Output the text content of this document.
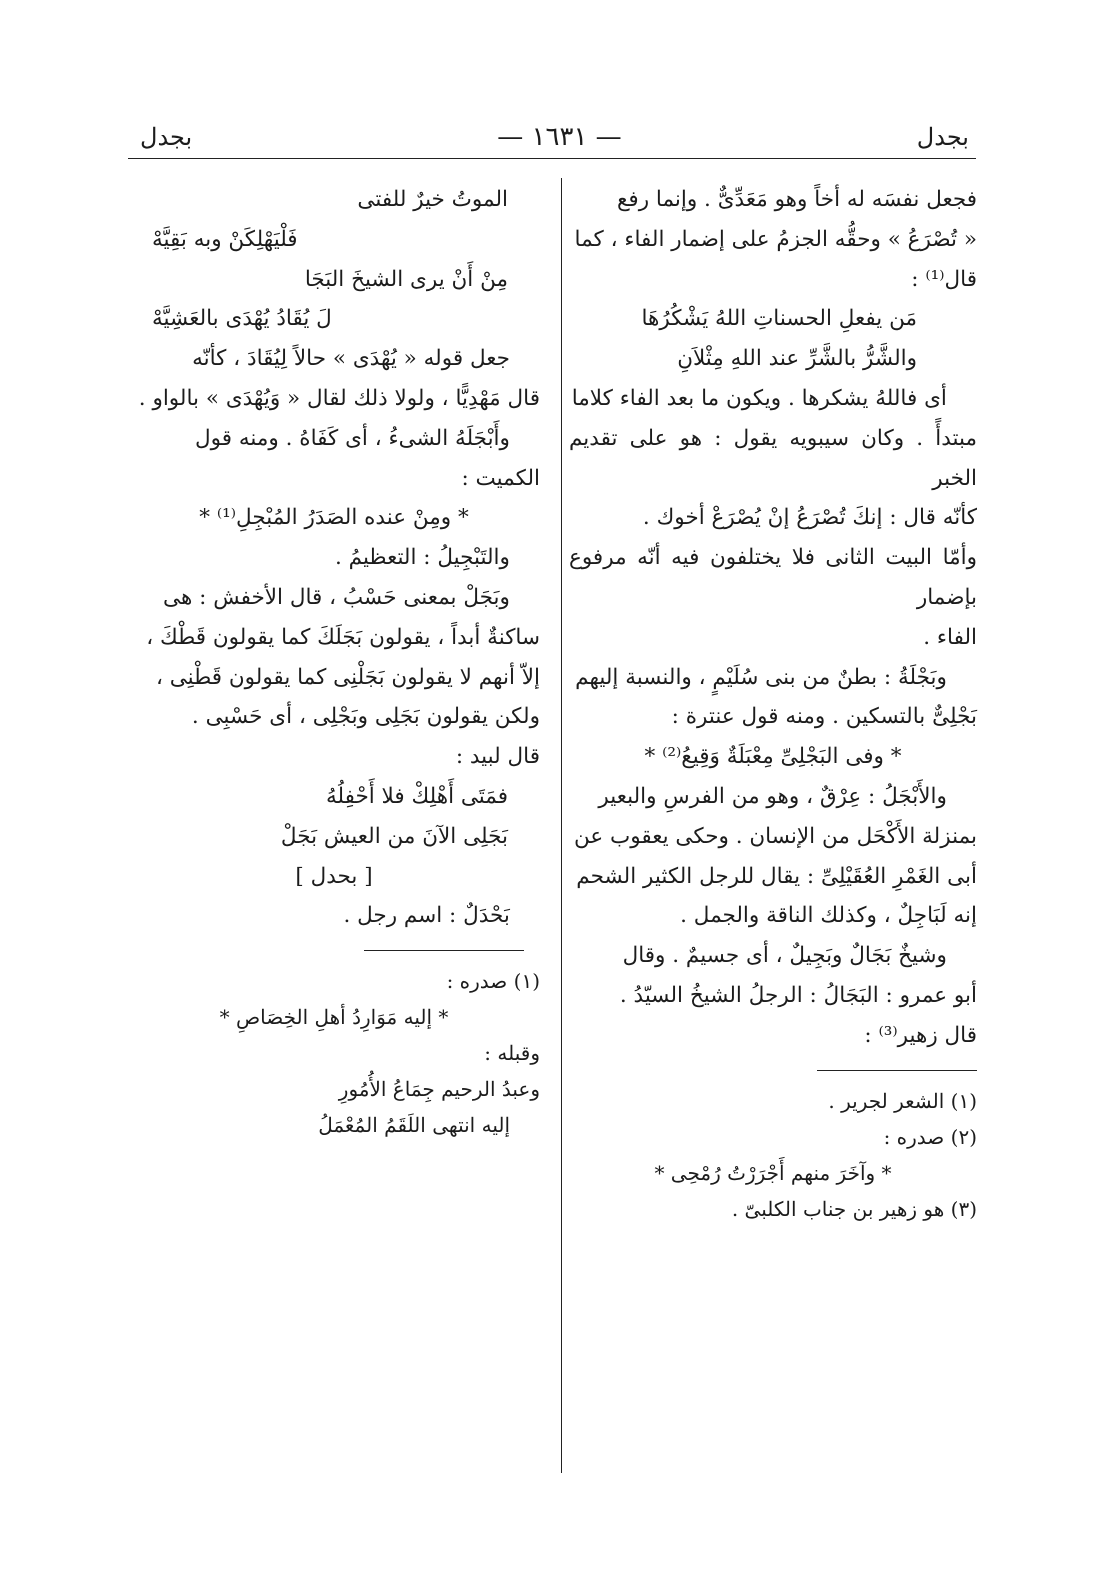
بجدل
— ١٦٣١ —
بجدل

فجعل نفسَه له أخاً وهو مَعَدِّىٌّ . وإنما رفع

« تُصْرَعُ » وحقُّه الجزمُ على إضمار الفاء ، كما

قال⁽¹⁾ :

مَن يفعلِ الحسناتِ اللهُ يَشْكُرُهَا

والشَّرُّ بالشَّرِّ عند اللهِ مِثْلاَنِ

أى فاللهُ يشكرها . ويكون ما بعد الفاء كلاما

مبتدأً . وكان سيبويه يقول : هو على تقديم الخبر

كأنّه قال : إنكَ تُصْرَعُ إنْ يُصْرَعْ أخوك .

وأمّا البيت الثانى فلا يختلفون فيه أنّه مرفوع بإضمار

الفاء .

وبَجْلَةُ : بطنٌ من بنى سُلَيْمٍ ، والنسبة إليهم

بَجْلِىٌّ بالتسكين . ومنه قول عنترة :

* وفى البَجْلِىِّ مِعْبَلَةٌ وَقِيعُ⁽²⁾ *

والأَبْجَلُ : عِرْقٌ ، وهو من الفرسِ والبعير

بمنزلة الأَكْحَل من الإنسان . وحكى يعقوب عن

أبى الغَمْرِ العُقَيْلِىِّ : يقال للرجل الكثير الشحم

إنه لَبَاجِلٌ ، وكذلك الناقة والجمل .

وشيخٌ بَجَالٌ وبَجِيلٌ ، أى جسيمٌ . وقال

أبو عمرو : البَجَالُ : الرجلُ الشيخُ السيّدُ .

قال زهير⁽³⁾ :

(١) الشعر لجرير .

(٢) صدره :

* وآخَرَ منهم أَجْرَرْتُ رُمْحِى *

(٣) هو زهير بن جناب الكلبىّ .

الموتُ خيرٌ للفتى

فَلْيَهْلِكَنْ وبه بَقِيَّهْ

مِنْ أَنْ يرى الشيخَ البَجَا

لَ يُقَادُ يُهْدَى بالعَشِيَّهْ

جعل قوله « يُهْدَى » حالاً لِيُقَادَ ، كأنّه

قال مَهْدِيًّا ، ولولا ذلك لقال « وَيُهْدَى » بالواو .

وأَبْجَلَهُ الشىءُ ، أى كَفَاهُ . ومنه قول

الكميت :

* ومِنْ عنده الصَدَرُ المُبْجِلِ⁽¹⁾ *

والتَبْجِيلُ : التعظيمُ .

وبَجَلْ بمعنى حَسْبُ ، قال الأخفش : هى

ساكنةٌ أبداً ، يقولون بَجَلَكَ كما يقولون قَطْكَ ،

إلاّ أنهم لا يقولون بَجَلْنِى كما يقولون قَطْنِى ،

ولكن يقولون بَجَلِى وبَجْلِى ، أى حَسْبِى .

قال لبيد :

فمَتَى أَهْلِكْ فلا أَحْفِلُهُ

بَجَلِى الآنَ من العيش بَجَلْ

[ بحدل ]

بَحْدَلٌ : اسم رجل .

(١) صدره :

* إليه مَوَارِدُ أهلِ الخِصَاصِ *

وقبله :

وعبدُ الرحيم جِمَاعُ الأُمُورِ

إليه انتهى اللَقَمُ المُعْمَلُ
